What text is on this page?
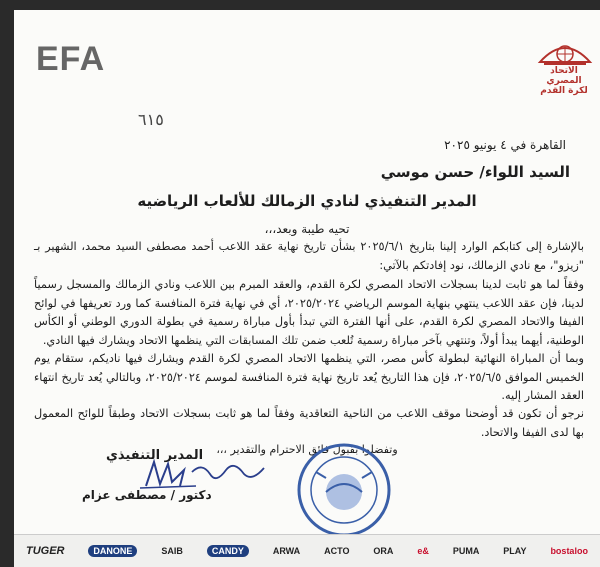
EFA	الاتحاد المصري لكرة القدم
٦١٥
القاهرة في ٤ يونيو ٢٠٢٥
السيد اللواء/ حسن موسي
المدير التنفيذي لنادي الزمالك للألعاب الرياضيه
تحيه طيبة وبعد،،،
بالإشارة إلى كتابكم الوارد إلينا بتاريخ ٢٠٢٥/٦/١ بشأن تاريخ نهاية عقد اللاعب أحمد مصطفى السيد محمد، الشهير بـ "زيزو"، مع نادي الزمالك، نود إفادتكم بالآتي:
وفقاً لما هو ثابت لدينا بسجلات الاتحاد المصري لكرة القدم، والعقد المبرم بين اللاعب ونادي الزمالك والمسجل رسمياً لدينا، فإن عقد اللاعب ينتهي بنهاية الموسم الرياضي ٢٠٢٥/٢٠٢٤، أي في نهاية فترة المنافسة كما ورد تعريفها في لوائح الفيفا والاتحاد المصري لكرة القدم، على أنها الفترة التي تبدأ بأول مباراة رسمية في بطولة الدوري الوطني أو الكأس الوطنية، أيهما يبدأ أولاً، وتنتهي بآخر مباراة رسمية تُلعب ضمن تلك المسابقات التي ينظمها الاتحاد ويشارك فيها النادي.
وبما أن المباراة النهائية لبطولة كأس مصر، التي ينظمها الاتحاد المصري لكرة القدم ويشارك فيها ناديكم، ستقام يوم الخميس الموافق ٢٠٢٥/٦/٥، فإن هذا التاريخ يُعد تاريخ نهاية فترة المنافسة لموسم ٢٠٢٥/٢٠٢٤، وبالتالي يُعد تاريخ انتهاء العقد المشار إليه.
نرجو أن تكون قد أوضحنا موقف اللاعب من الناحية التعاقدية وفقاً لما هو ثابت بسجلات الاتحاد وطبقاً للوائح المعمول بها لدى الفيفا والاتحاد.
وتفضلوا بقبول فائق الاحترام والتقدير ،،،
المدير التنفيذي
دكتور / مصطفى عزام
TUGER	DANONE	SAIB	CANDY	ARWA	ACTO	ORA	e&	PUMA	PLAY	bostaloo
